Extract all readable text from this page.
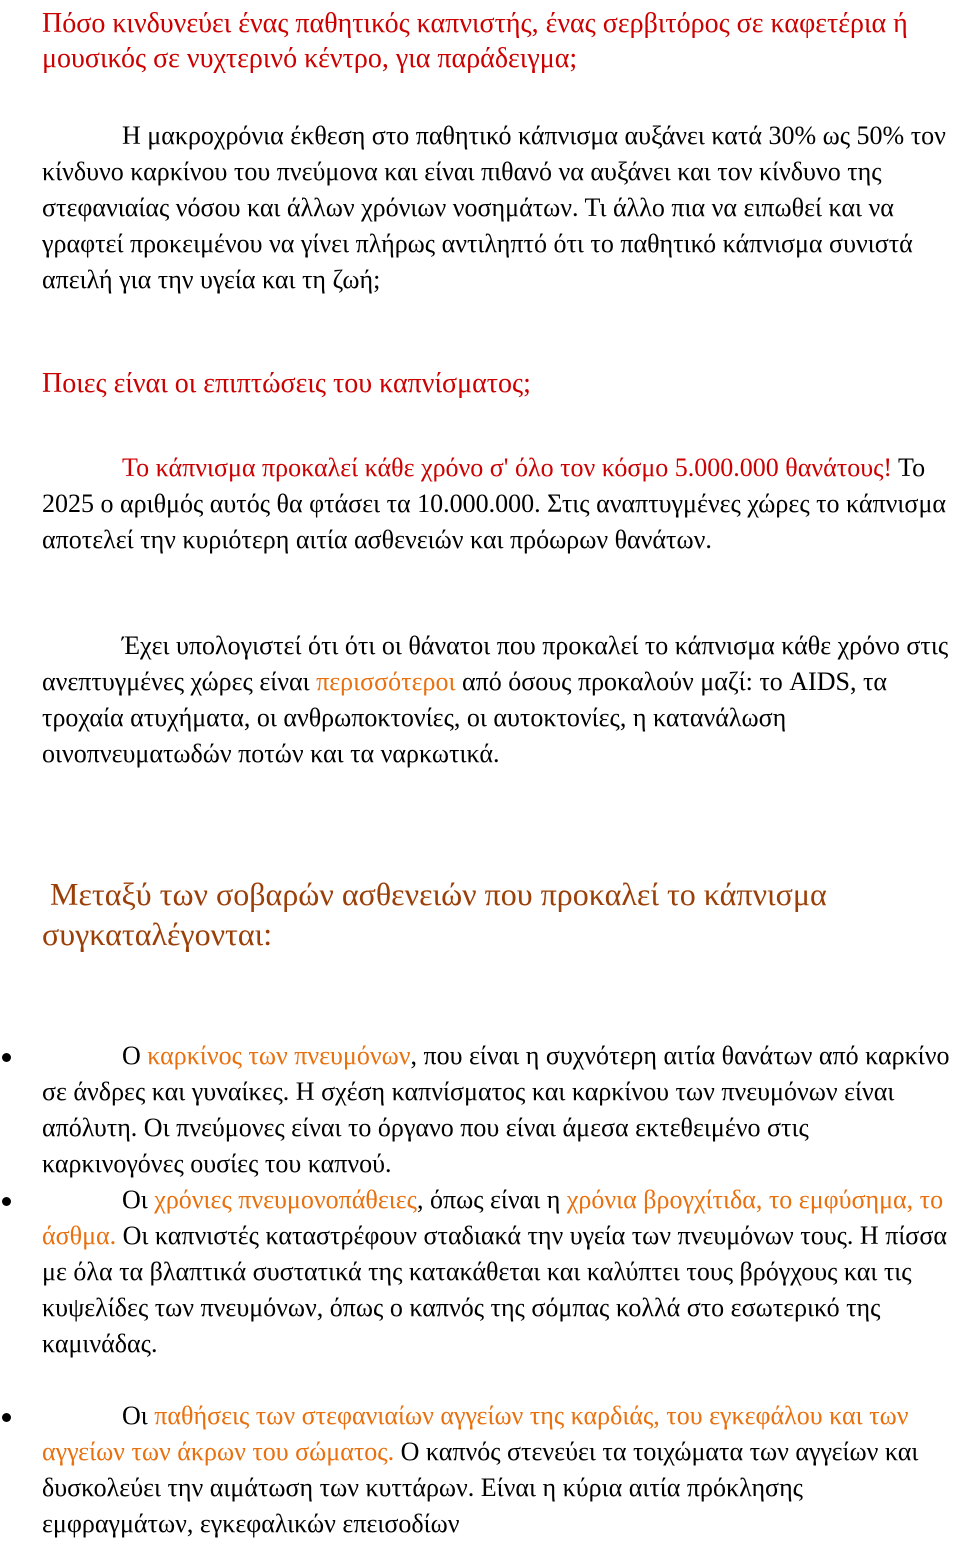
Πόσο κινδυνεύει ένας παθητικός καπνιστής, ένας σερβιτόρος σε καφετέρια ή μουσικός σε νυχτερινό κέντρο, για παράδειγμα;

Η μακροχρόνια έκθεση στο παθητικό κάπνισμα αυξάνει κατά 30% ως 50% τον κίνδυνο καρκίνου του πνεύμονα και είναι πιθανό να αυξάνει και τον κίνδυνο της στεφανιαίας νόσου και άλλων χρόνιων νοσημάτων. Τι άλλο πια να ειπωθεί και να γραφτεί προκειμένου να γίνει πλήρως αντιληπτό ότι το παθητικό κάπνισμα συνιστά απειλή για την υγεία και τη ζωή;

Ποιες είναι οι επιπτώσεις του καπνίσματος;

Το κάπνισμα προκαλεί κάθε χρόνο σ' όλο τον κόσμο 5.000.000 θανάτους! Το 2025 ο αριθμός αυτός θα φτάσει τα 10.000.000. Στις αναπτυγμένες χώρες το κάπνισμα αποτελεί την κυριότερη αιτία ασθενειών και πρόωρων θανάτων.

Έχει υπολογιστεί ότι ότι οι θάνατοι που προκαλεί το κάπνισμα κάθε χρόνο στις ανεπτυγμένες χώρες είναι περισσότεροι από όσους προκαλούν μαζί: το AIDS, τα τροχαία ατυχήματα, οι ανθρωποκτονίες, οι αυτοκτονίες, η κατανάλωση οινοπνευματωδών ποτών και τα ναρκωτικά.

Μεταξύ των σοβαρών ασθενειών που προκαλεί το κάπνισμα συγκαταλέγονται:

Ο καρκίνος των πνευμόνων, που είναι η συχνότερη αιτία θανάτων από καρκίνο σε άνδρες και γυναίκες. Η σχέση καπνίσματος και καρκίνου των πνευμόνων είναι απόλυτη. Οι πνεύμονες είναι το όργανο που είναι άμεσα εκτεθειμένο στις καρκινογόνες ουσίες του καπνού.

Οι χρόνιες πνευμονοπάθειες, όπως είναι η χρόνια βρογχίτιδα, το εμφύσημα, το άσθμα. Οι καπνιστές καταστρέφουν σταδιακά την υγεία των πνευμόνων τους. Η πίσσα με όλα τα βλαπτικά συστατικά της κατακάθεται και καλύπτει τους βρόγχους και τις κυψελίδες των πνευμόνων, όπως ο καπνός της σόμπας κολλά στο εσωτερικό της καμινάδας.

Οι παθήσεις των στεφανιαίων αγγείων της καρδιάς, του εγκεφάλου και των αγγείων των άκρων του σώματος. Ο καπνός στενεύει τα τοιχώματα των αγγείων και δυσκολεύει την αιμάτωση των κυττάρων. Είναι η κύρια αιτία πρόκλησης εμφραγμάτων, εγκεφαλικών επεισοδίων
